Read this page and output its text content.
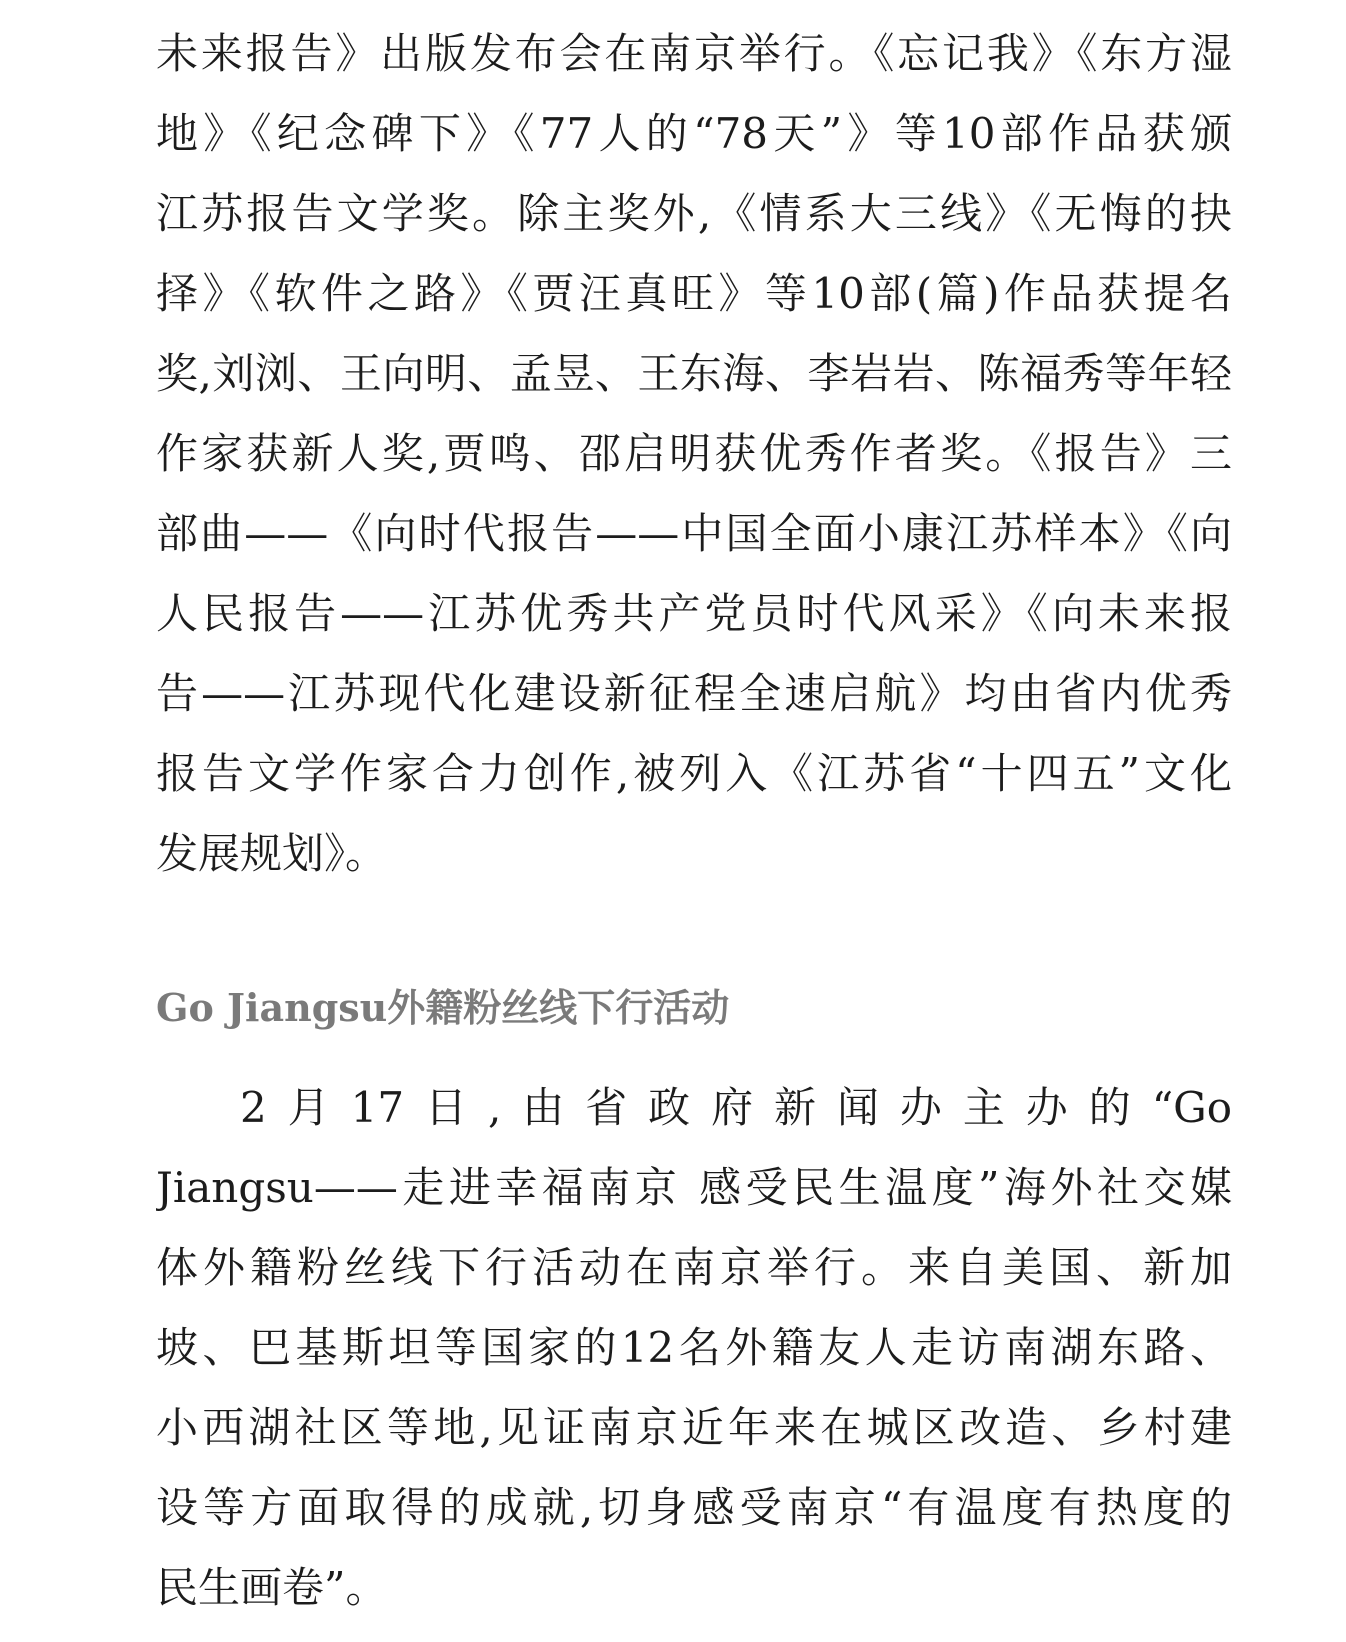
未来报告》出版发布会在南京举行。《忘记我》《东方湿
地》《纪念碑下》《77人的“78天”》等10部作品获颁
江苏报告文学奖。除主奖外,《情系大三线》《无悔的抉
择》《软件之路》《贾汪真旺》等10部(篇)作品获提名
奖,刘浏、王向明、孟昱、王东海、李岩岩、陈福秀等年轻
作家获新人奖,贾鸣、邵启明获优秀作者奖。《报告》三
部曲——《向时代报告——中国全面小康江苏样本》《向
人民报告——江苏优秀共产党员时代风采》《向未来报
告——江苏现代化建设新征程全速启航》均由省内优秀
报告文学作家合力创作,被列入《江苏省“十四五”文化
发展规划》。
Go Jiangsu外籍粉丝线下行活动
2月17日,由省政府新闻办主办的“Go
Jiangsu——走进幸福南京 感受民生温度”海外社交媒
体外籍粉丝线下行活动在南京举行。来自美国、新加
坡、巴基斯坦等国家的12名外籍友人走访南湖东路、
小西湖社区等地,见证南京近年来在城区改造、乡村建
设等方面取得的成就,切身感受南京“有温度有热度的
民生画卷”。
